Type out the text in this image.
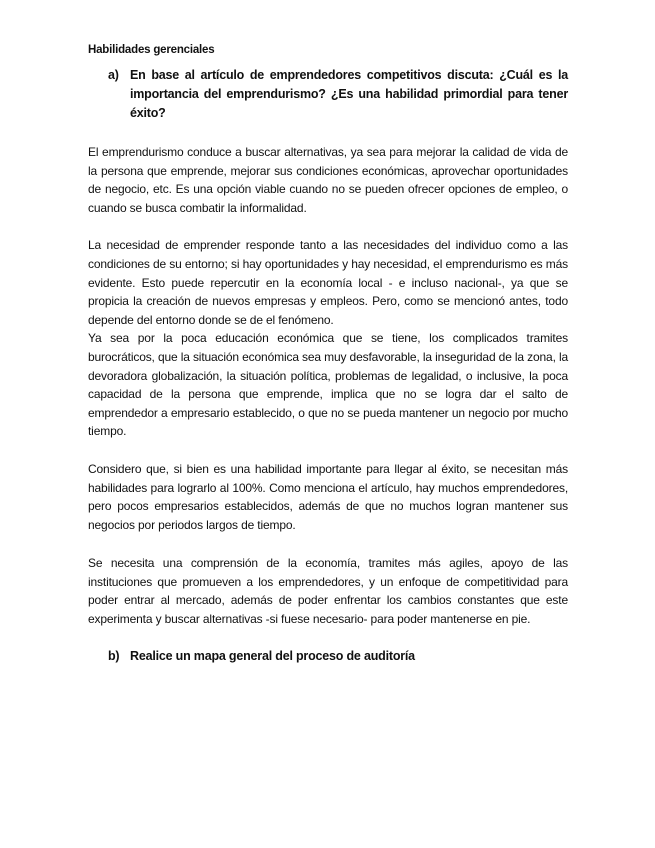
Habilidades gerenciales
a) En base al artículo de emprendedores competitivos discuta: ¿Cuál es la importancia del emprendurismo? ¿Es una habilidad primordial para tener éxito?

El emprendurismo conduce a buscar alternativas, ya sea para mejorar la calidad de vida de la persona que emprende, mejorar sus condiciones económicas, aprovechar oportunidades de negocio, etc. Es una opción viable cuando no se pueden ofrecer opciones de empleo, o cuando se busca combatir la informalidad.

La necesidad de emprender responde tanto a las necesidades del individuo como a las condiciones de su entorno; si hay oportunidades y hay necesidad, el emprendurismo es más evidente. Esto puede repercutir en la economía local - e incluso nacional-, ya que se propicia la creación de nuevos empresas y empleos. Pero, como se mencionó antes, todo depende del entorno donde se de el fenómeno.

Ya sea por la poca educación económica que se tiene, los complicados tramites burocráticos, que la situación económica sea muy desfavorable, la inseguridad de la zona, la devoradora globalización, la situación política, problemas de legalidad, o inclusive, la poca capacidad de la persona que emprende, implica que no se logra dar el salto de emprendedor a empresario establecido, o que no se pueda mantener un negocio por mucho tiempo.

Considero que, si bien es una habilidad importante para llegar al éxito, se necesitan más habilidades para lograrlo al 100%. Como menciona el artículo, hay muchos emprendedores, pero pocos empresarios establecidos, además de que no muchos logran mantener sus negocios por periodos largos de tiempo.

Se necesita una comprensión de la economía, tramites más agiles, apoyo de las instituciones que promueven a los emprendedores, y un enfoque de competitividad para poder entrar al mercado, además de poder enfrentar los cambios constantes que este experimenta y buscar alternativas -si fuese necesario- para poder mantenerse en pie.

b) Realice un mapa general del proceso de auditoría
